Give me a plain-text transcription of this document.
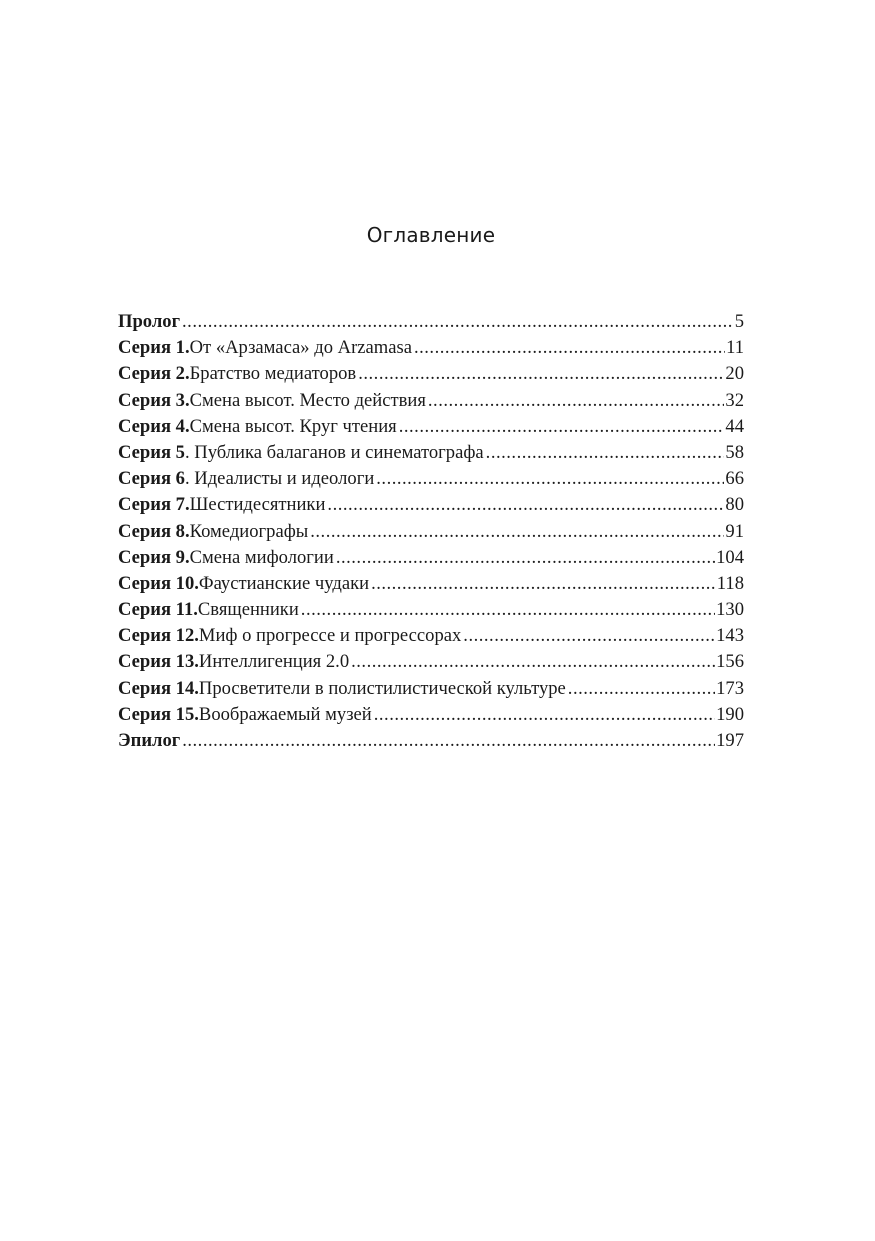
Оглавление
Пролог .....	5
Серия 1. От «Арзамаса» до Arzamasa .....	11
Серия 2. Братство медиаторов .....	20
Серия 3. Смена высот. Место действия .....	32
Серия 4. Смена высот. Круг чтения .....	44
Серия 5 . Публика балаганов и синематографа .....	58
Серия 6 . Идеалисты и идеологи .....	66
Серия 7. Шестидесятники .....	80
Серия 8. Комедиографы .....	91
Серия 9. Смена мифологии .....	104
Серия 10. Фаустианские чудаки .....	118
Серия 11. Священники .....	130
Серия 12. Миф о прогрессе и прогрессорах .....	143
Серия 13. Интеллигенция 2.0 .....	156
Серия 14. Просветители в полистилистической культуре .....	173
Серия 15. Воображаемый музей .....	190
Эпилог .....	197
